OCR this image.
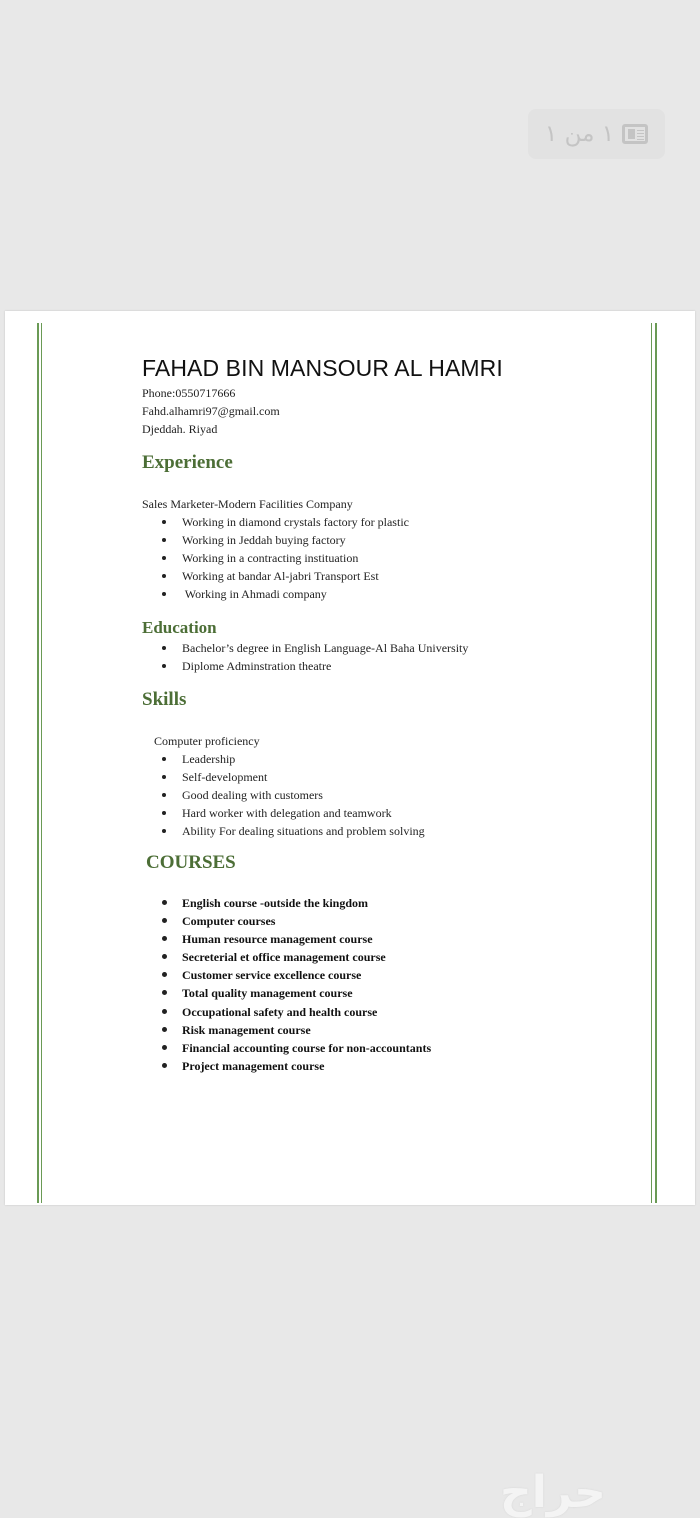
١ من ١
FAHAD BIN MANSOUR AL HAMRI

Phone:0550717666

Fahd.alhamri97@gmail.com

Djeddah. Riyad

Experience

Sales Marketer-Modern Facilities Company

Working in diamond crystals factory for plastic
Working in Jeddah buying factory
Working in a contracting instituation
Working at bandar Al-jabri Transport Est
Working in Ahmadi company
Education
Bachelor’s degree in English Language-Al Baha University
Diplome Adminstration theatre
Skills

Computer proficiency

Leadership
Self-development
Good dealing with customers
Hard worker with delegation and teamwork
Ability For dealing situations and problem solving
COURSES
English course -outside the kingdom
Computer courses
Human resource management course
Secreterial et office management course
Customer service excellence course
Total quality management course
Occupational safety and health course
Risk management course
Financial accounting course for non-accountants
Project management course
حراج
